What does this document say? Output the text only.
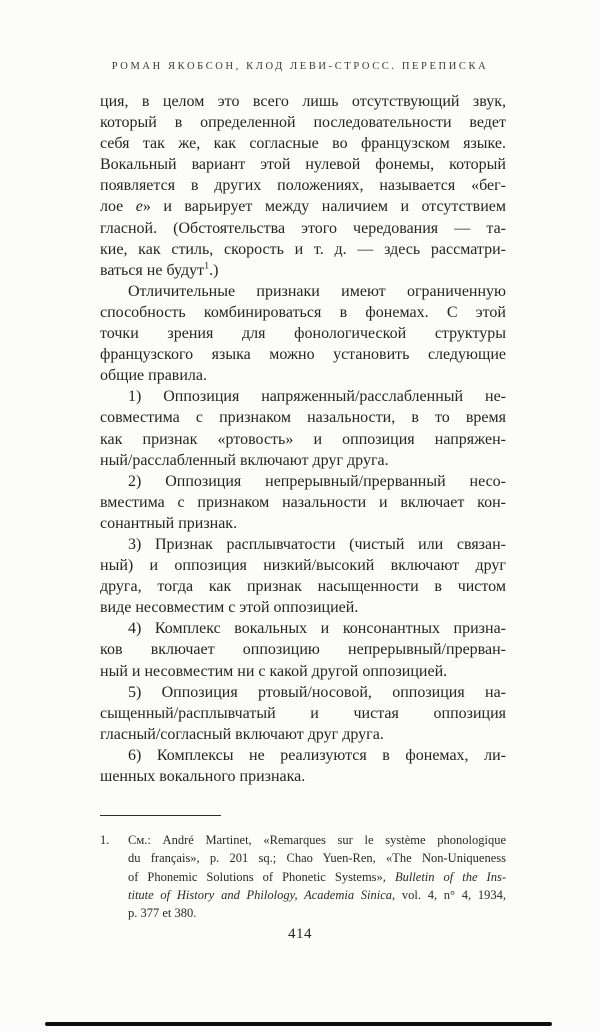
РОМАН ЯКОБСОН, КЛОД ЛЕВИ-СТРОСС. ПЕРЕПИСКА
ция, в целом это всего лишь отсутствующий звук,
который в определенной последовательности ведет
себя так же, как согласные во французском языке.
Вокальный вариант этой нулевой фонемы, который
появляется в других положениях, называется «бег-
лое е» и варьирует между наличием и отсутствием
гласной. (Обстоятельства этого чередования — та-
кие, как стиль, скорость и т. д. — здесь рассматри-
ваться не будут$^1$.)
Отличительные признаки имеют ограниченную
способность комбинироваться в фонемах. С этой
точки зрения для фонологической структуры
французского языка можно установить следующие
общие правила.
1) Оппозиция напряженный/расслабленный не-
совместима с признаком назальности, в то время
как признак «ртовость» и оппозиция напряжен-
ный/расслабленный включают друг друга.
2) Оппозиция непрерывный/прерванный несо-
вместима с признаком назальности и включает кон-
сонантный признак.
3) Признак расплывчатости (чистый или связан-
ный) и оппозиция низкий/высокий включают друг
друга, тогда как признак насыщенности в чистом
виде несовместим с этой оппозицией.
4) Комплекс вокальных и консонантных призна-
ков включает оппозицию непрерывный/прерван-
ный и несовместим ни с какой другой оппозицией.
5) Оппозиция ртовый/носовой, оппозиция на-
сыщенный/расплывчатый и чистая оппозиция
гласный/согласный включают друг друга.
6) Комплексы не реализуются в фонемах, ли-
шенных вокального признака.
1. См.: André Martinet, «Remarques sur le système phonologique
du français», p. 201 sq.; Chao Yuen-Ren, «The Non-Uniqueness
of Phonemic Solutions of Phonetic Systems», Bulletin of the Ins-
titute of History and Philology, Academia Sinica, vol. 4, n° 4, 1934,
p. 377 et 380.
414
